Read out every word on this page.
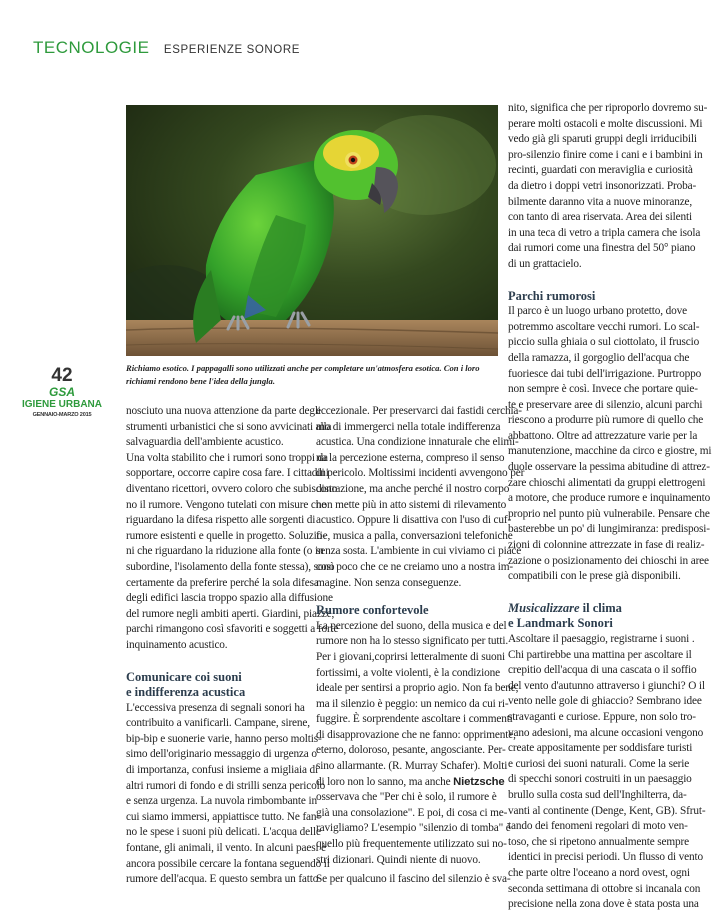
TECNOLOGIE ESPERIENZE SONORE
Richiamo esotico. I pappagalli sono utilizzati anche per completare un'atmosfera esotica. Con i loro richiami rendono bene l'idea della jungla.
42
GSA
IGIENE URBANA
GENNAIO-MARZO 2015	nosciuto una nuova attenzione da parte degli

strumenti urbanistici che si sono avvicinati alla

salvaguardia dell'ambiente acustico.

Una volta stabilito che i rumori sono troppi da

sopportare, occorre capire cosa fare. I cittadini

diventano ricettori, ovvero coloro che subiscono

no il rumore. Vengono tutelati con misure che

riguardano la difesa rispetto alle sorgenti di

rumore esistenti e quelle in progetto. Soluzio-

ni che riguardano la riduzione alla fonte (o in

subordine, l'isolamento della fonte stessa), sono

certamente da preferire perché la sola difesa

degli edifici lascia troppo spazio alla diffusione

del rumore negli ambiti aperti. Giardini, piazze,

parchi rimangono così sfavoriti e soggetti a forte

inquinamento acustico.

Comunicare coi suoni
e indifferenza acustica

L'eccessiva presenza di segnali sonori ha

contribuito a vanificarli. Campane, sirene,

bip-bip e suonerie varie, hanno perso moltis-

simo dell'originario messaggio di urgenza o

di importanza, confusi insieme a migliaia di

altri rumori di fondo e di strilli senza pericolo

e senza urgenza. La nuvola rimbombante in

cui siamo immersi, appiattisce tutto. Ne fan-

no le spese i suoni più delicati. L'acqua delle

fontane, gli animali, il vento. In alcuni paesi è

ancora possibile cercare la fontana seguendo il

rumore dell'acqua. E questo sembra un fatto

eccezionale. Per preservarci dai fastidi cerchia-

mo di immergerci nella totale indifferenza

acustica. Una condizione innaturale che elimi-

na la percezione esterna, compreso il senso

di pericolo. Moltissimi incidenti avvengono per

distrazione, ma anche perché il nostro corpo

non mette più in atto sistemi di rilevamento

acustico. Oppure li disattiva con l'uso di cuf-

fie, musica a palla, conversazioni telefoniche

senza sosta. L'ambiente in cui viviamo ci piace

così poco che ce ne creiamo uno a nostra im-

magine. Non senza conseguenze.

Rumore confortevole

La percezione del suono, della musica e del

rumore non ha lo stesso significato per tutti.

Per i giovani,coprirsi letteralmente di suoni

fortissimi, a volte violenti, è la condizione

ideale per sentirsi a proprio agio. Non fa bene,

ma il silenzio è peggio: un nemico da cui ri-

fuggire. È sorprendente ascoltare i commenti

di disapprovazione che ne fanno: opprimente,

eterno, doloroso, pesante, angosciante. Per-

sino allarmante. (R. Murray Schafer). Molti

di loro non lo sanno, ma anche Nietzsche

osservava che "Per chi è solo, il rumore è

già una consolazione". E poi, di cosa ci me-

ravigliamo? L'esempio "silenzio di tomba" è

quello più frequentemente utilizzato sui no-

stri dizionari. Quindi niente di nuovo.

Se per qualcuno il fascino del silenzio è sva-

nito, significa che per riproporlo dovremo su-

perare molti ostacoli e molte discussioni. Mi

vedo già gli sparuti gruppi degli irriducibili

pro-silenzio finire come i cani e i bambini in

recinti, guardati con meraviglia e curiosità

da dietro i doppi vetri insonorizzati. Proba-

bilmente daranno vita a nuove minoranze,

con tanto di area riservata. Area dei silenti

in una teca di vetro a tripla camera che isola

dai rumori come una finestra del 50° piano

di un grattacielo.

Parchi rumorosi

Il parco è un luogo urbano protetto, dove

potremmo ascoltare vecchi rumori. Lo scal-

piccio sulla ghiaia o sul ciottolato, il fruscio

della ramazza, il gorgoglio dell'acqua che

fuoriesce dai tubi dell'irrigazione. Purtroppo

non sempre è così. Invece che portare quie-

te e preservare aree di silenzio, alcuni parchi

riescono a produrre più rumore di quello che

abbattono. Oltre ad attrezzature varie per la

manutenzione, macchine da circo e giostre, mi

duole osservare la pessima abitudine di attrez-

zare chioschi alimentati da gruppi elettrogeni

a motore, che produce rumore e inquinamento

proprio nel punto più vulnerabile. Pensare che

basterebbe un po' di lungimiranza: predisposi-

zioni di colonnine attrezzate in fase di realiz-

zazione o posizionamento dei chioschi in aree

compatibili con le prese già disponibili.

Musicalizzare il clima
e Landmark Sonori

Ascoltare il paesaggio, registrarne i suoni .

Chi partirebbe una mattina per ascoltare il

crepitio dell'acqua di una cascata o il soffio

del vento d'autunno attraverso i giunchi? O il

vento nelle gole di ghiaccio? Sembrano idee

stravaganti e curiose. Eppure, non solo tro-

vano adesioni, ma alcune occasioni vengono

create appositamente per soddisfare turisti

e curiosi dei suoni naturali. Come la serie

di specchi sonori costruiti in un paesaggio

brullo sulla costa sud dell'Inghilterra, da-

vanti al continente (Denge, Kent, GB). Sfrut-

tando dei fenomeni regolari di moto ven-

toso, che si ripetono annualmente sempre

identici in precisi periodi. Un flusso di vento

che parte oltre l'oceano a nord ovest, ogni

seconda settimana di ottobre si incanala con

precisione nella zona dove è stata posta una
